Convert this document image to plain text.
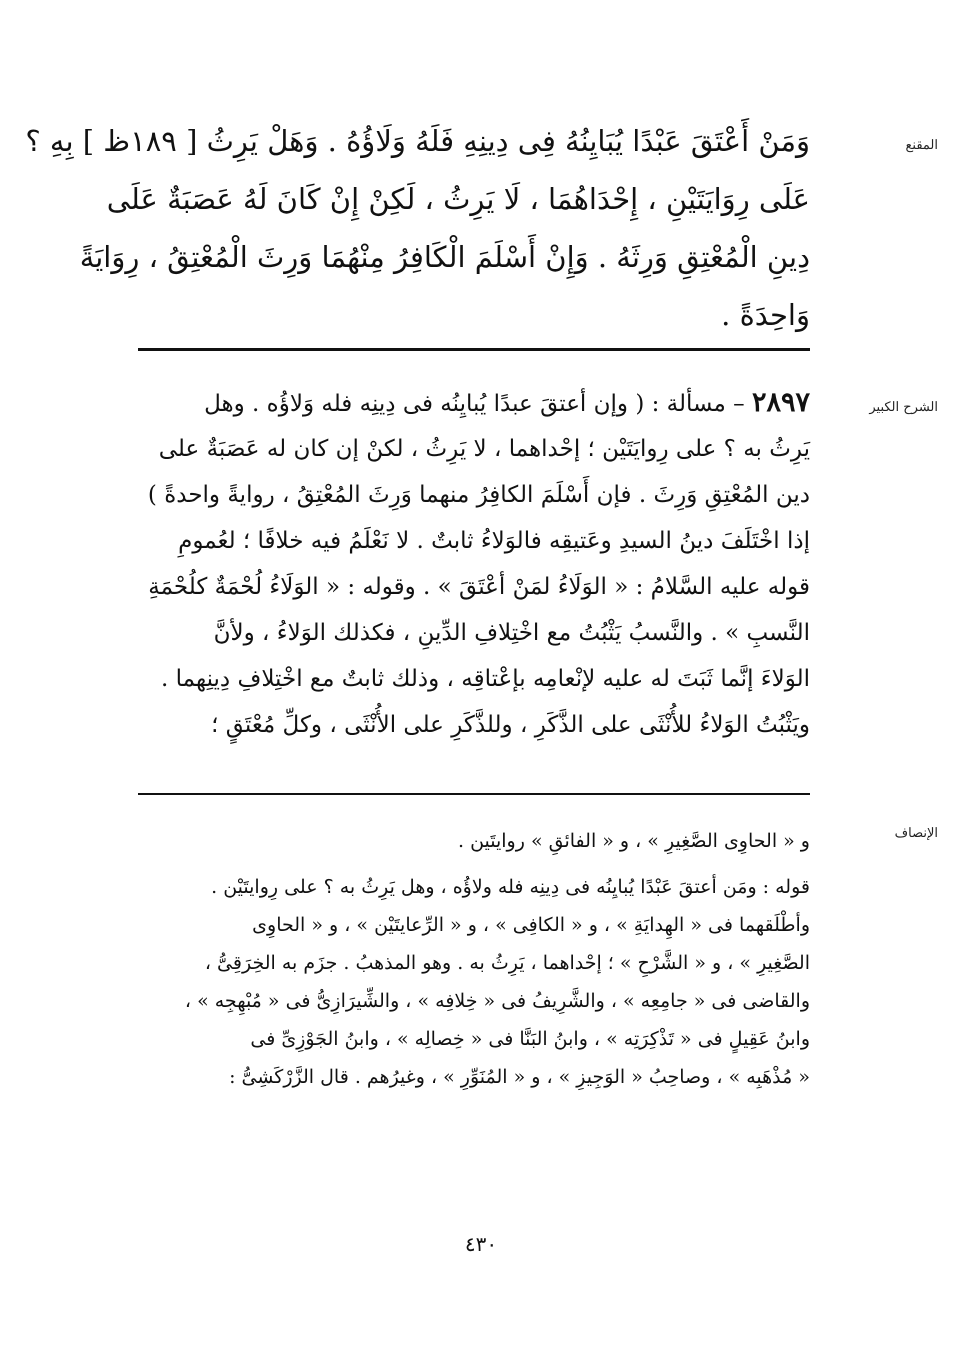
المقنع
وَمَنْ أَعْتَقَ عَبْدًا يُبَايِنُهُ فِى دِينِهِ فَلَهُ وَلَاؤُهُ . وَهَلْ يَرِثُ [ ١٨٩ظ ] بِهِ ؟
عَلَى رِوَايَتَيْنِ ، إِحْدَاهُمَا ، لَا يَرِثُ ، لَكِنْ إِنْ كَانَ لَهُ عَصَبَةٌ عَلَى
دِينِ الْمُعْتِقِ وَرِثَهُ . وَإِنْ أَسْلَمَ الْكَافِرُ مِنْهُمَا وَرِثَ الْمُعْتِقُ ، رِوَايَةً
وَاحِدَةً .
الشرح الكبير
٢٨٩٧ – مسألة : ( وإن أعتقَ عبدًا يُبايِنُه فى دِينِه فله وَلاؤُه . وهل
يَرِثُ به ؟ على رِوايَتَيْن ؛ إحْداهما ، لا يَرِثُ ، لكنْ إن كان له عَصَبَةٌ على
دين المُعْتِقِ وَرِثَ . فإن أَسْلَمَ الكافِرُ منهما وَرِثَ المُعْتِقُ ، روايةً واحدةً )
إذا اخْتَلَفَ دينُ السيدِ وعَتيقِه فالوَلاءُ ثابتٌ . لا نَعْلَمُ فيه خلافًا ؛ لعُمومِ
قوله عليه السَّلامُ : « الوَلَاءُ لمَنْ أعْتَقَ » . وقوله : « الوَلَاءُ لُحْمَةٌ كلُحْمَةِ
النَّسبِ » . والنَّسبُ يَثْبُتُ مع اخْتِلافِ الدِّينِ ، فكذلك الوَلاءُ ، ولأنَّ
الوَلاءَ إنَّما ثَبَتَ له عليه لإنْعامِه بإعْتاقِه ، وذلك ثابتٌ مع اخْتِلافِ دِينِهما .
ويَثْبُتُ الوَلاءُ للأُنْثَى على الذَّكَرِ ، وللذَّكَرِ على الأُنْثَى ، وكلِّ مُعْتَقٍ ؛
الإنصاف
و « الحاوِى الصَّغِيرِ » ، و « الفائقِ » روايتَين .
قوله : ومَن أعتقَ عَبْدًا يُبايِنُه فى دِينِه فله ولاؤُه ، وهل يَرِثُ به ؟ على رِوايتَيْن .
وأطْلَقهما فى « الهِدايَةِ » ، و « الكافِى » ، و « الرِّعايتَيْن » ، و « الحاوِى
الصَّغِيرِ » ، و « الشَّرْحِ » ؛ إحْداهما ، يَرِثُ به . وهو المذهبُ . جزَم به الخِرَقِىُّ ،
والقاضى فى « جامِعِه » ، والشَّرِيفُ فى « خِلافِه » ، والشِّيرَازِىُّ فى « مُبْهِجِه » ،
وابنُ عَقِيلٍ فى « تَذْكِرَتِه » ، وابنُ البَنَّا فى « خِصالِه » ، وابنُ الجَوْزِىِّ فى
« مُذْهَبِه » ، وصاحِبُ « الوَجِيزِ » ، و « المُنَوِّرِ » ، وغيرُهم . قال الزَّرْكَشِىُّ :
٤٣٠
